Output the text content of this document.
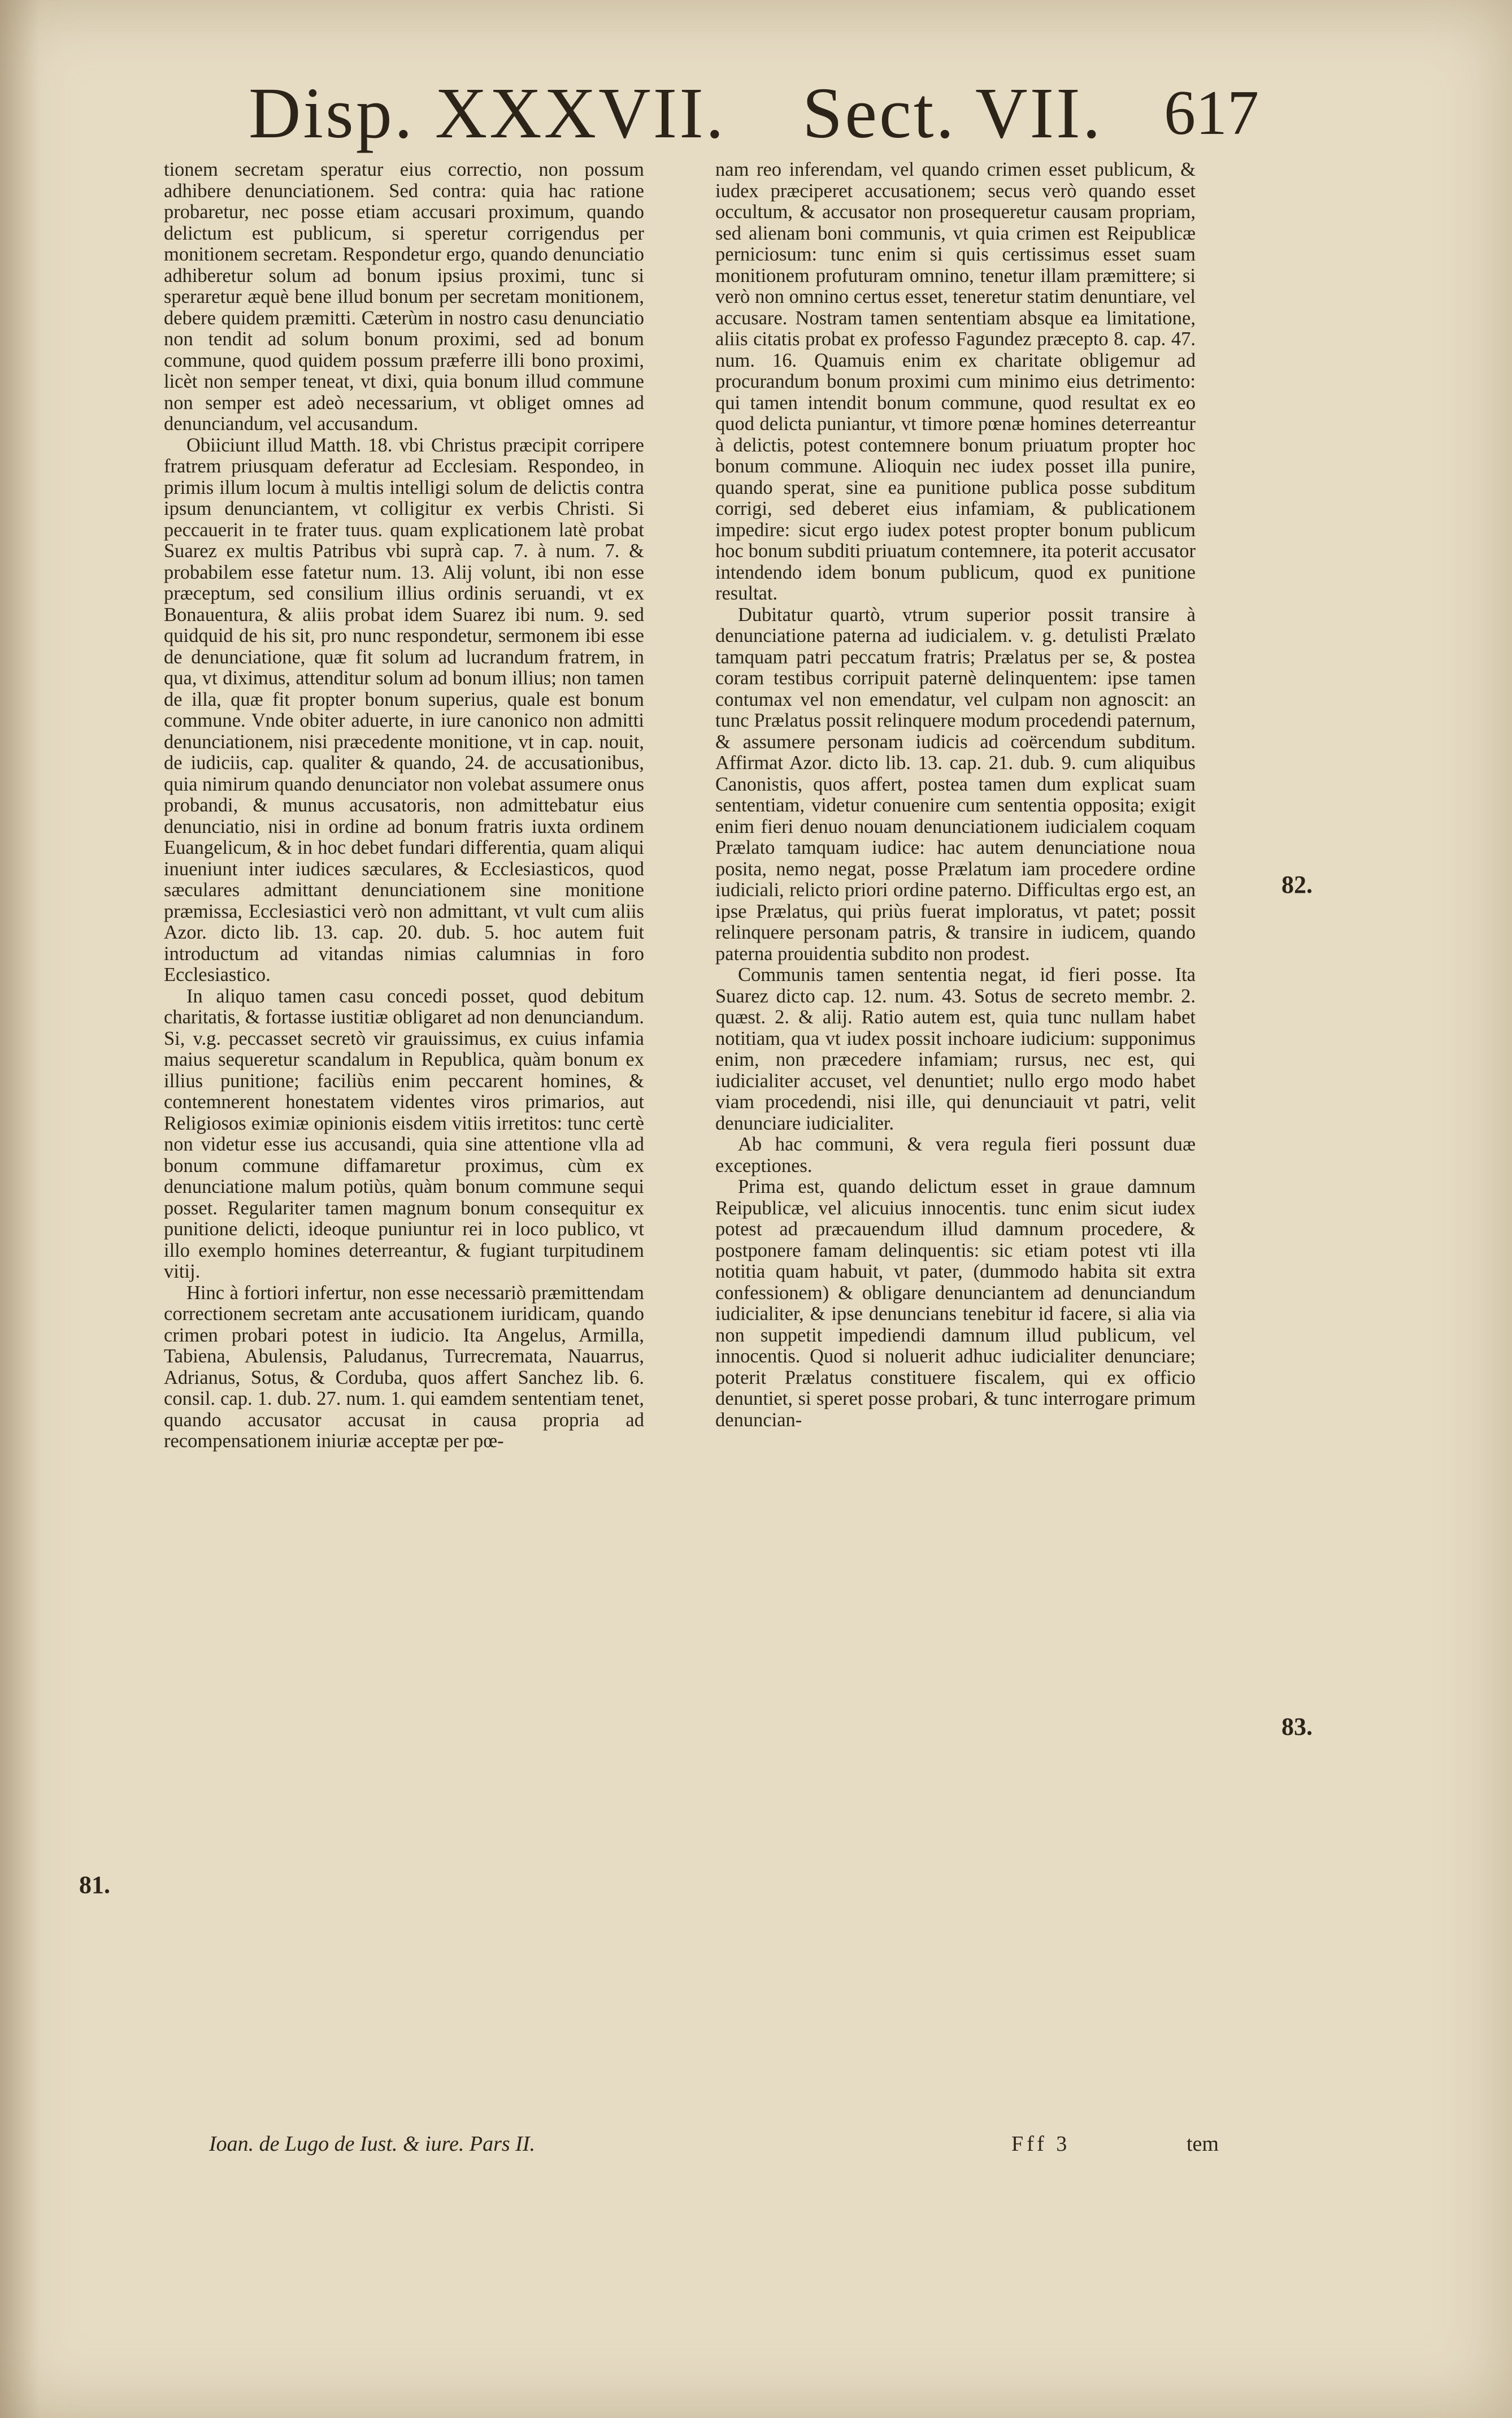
Disp. XXXVII. Sect. VII. 617

tionem secretam speratur eius correctio, non possum adhibere denunciationem. Sed contra: quia hac ratione probaretur, nec posse etiam accusari proximum, quando delictum est publicum, si speretur corrigendus per monitionem secretam. Respondetur ergo, quando denunciatio adhiberetur solum ad bonum ipsius proximi, tunc si speraretur æquè bene illud bonum per secretam monitionem, debere quidem præmitti. Cæterùm in nostro casu denunciatio non tendit ad solum bonum proximi, sed ad bonum commune, quod quidem possum præferre illi bono proximi, licèt non semper teneat, vt dixi, quia bonum illud commune non semper est adeò necessarium, vt obliget omnes ad denunciandum, vel accusandum.

Obiiciunt illud Matth. 18. vbi Christus præcipit corripere fratrem priusquam deferatur ad Ecclesiam. Respondeo, in primis illum locum à multis intelligi solum de delictis contra ipsum denunciantem, vt colligitur ex verbis Christi. Si peccauerit in te frater tuus. quam explicationem latè probat Suarez ex multis Patribus vbi suprà cap. 7. à num. 7. & probabilem esse fatetur num. 13. Alij volunt, ibi non esse præceptum, sed consilium illius ordinis seruandi, vt ex Bonauentura, & aliis probat idem Suarez ibi num. 9. sed quidquid de his sit, pro nunc respondetur, sermonem ibi esse de denunciatione, quæ fit solum ad lucrandum fratrem, in qua, vt diximus, attenditur solum ad bonum illius; non tamen de illa, quæ fit propter bonum superius, quale est bonum commune. Vnde obiter aduerte, in iure canonico non admitti denunciationem, nisi præcedente monitione, vt in cap. nouit, de iudiciis, cap. qualiter & quando, 24. de accusationibus, quia nimirum quando denunciator non volebat assumere onus probandi, & munus accusatoris, non admittebatur eius denunciatio, nisi in ordine ad bonum fratris iuxta ordinem Euangelicum, & in hoc debet fundari differentia, quam aliqui inueniunt inter iudices sæculares, & Ecclesiasticos, quod sæculares admittant denunciationem sine monitione præmissa, Ecclesiastici verò non admittant, vt vult cum aliis Azor. dicto lib. 13. cap. 20. dub. 5. hoc autem fuit introductum ad vitandas nimias calumnias in foro Ecclesiastico.

In aliquo tamen casu concedi posset, quod debitum charitatis, & fortasse iustitiæ obligaret ad non denunciandum. Si, v.g. peccasset secretò vir grauissimus, ex cuius infamia maius sequeretur scandalum in Republica, quàm bonum ex illius punitione; faciliùs enim peccarent homines, & contemnerent honestatem videntes viros primarios, aut Religiosos eximiæ opinionis eisdem vitiis irretitos: tunc certè non videtur esse ius accusandi, quia sine attentione vlla ad bonum commune diffamaretur proximus, cùm ex denunciatione malum potiùs, quàm bonum commune sequi posset. Regulariter tamen magnum bonum consequitur ex punitione delicti, ideoque puniuntur rei in loco publico, vt illo exemplo homines deterreantur, & fugiant turpitudinem vitij.

Hinc à fortiori infertur, non esse necessariò præmittendam correctionem secretam ante accusationem iuridicam, quando crimen probari potest in iudicio. Ita Angelus, Armilla, Tabiena, Abulensis, Paludanus, Turrecremata, Nauarrus, Adrianus, Sotus, & Corduba, quos affert Sanchez lib. 6. consil. cap. 1. dub. 27. num. 1. qui eamdem sententiam tenet, quando accusator accusat in causa propria ad recompensationem iniuriæ acceptæ per pœ-

nam reo inferendam, vel quando crimen esset publicum, & iudex præciperet accusationem; secus verò quando esset occultum, & accusator non prosequeretur causam propriam, sed alienam boni communis, vt quia crimen est Reipublicæ perniciosum: tunc enim si quis certissimus esset suam monitionem profuturam omnino, tenetur illam præmittere; si verò non omnino certus esset, teneretur statim denuntiare, vel accusare. Nostram tamen sententiam absque ea limitatione, aliis citatis probat ex professo Fagundez præcepto 8. cap. 47. num. 16. Quamuis enim ex charitate obligemur ad procurandum bonum proximi cum minimo eius detrimento: qui tamen intendit bonum commune, quod resultat ex eo quod delicta puniantur, vt timore pœnæ homines deterreantur à delictis, potest contemnere bonum priuatum propter hoc bonum commune. Alioquin nec iudex posset illa punire, quando sperat, sine ea punitione publica posse subditum corrigi, sed deberet eius infamiam, & publicationem impedire: sicut ergo iudex potest propter bonum publicum hoc bonum subditi priuatum contemnere, ita poterit accusator intendendo idem bonum publicum, quod ex punitione resultat.

Dubitatur quartò, vtrum superior possit transire à denunciatione paterna ad iudicialem. v. g. detulisti Prælato tamquam patri peccatum fratris; Prælatus per se, & postea coram testibus corripuit paternè delinquentem: ipse tamen contumax vel non emendatur, vel culpam non agnoscit: an tunc Prælatus possit relinquere modum procedendi paternum, & assumere personam iudicis ad coërcendum subditum. Affirmat Azor. dicto lib. 13. cap. 21. dub. 9. cum aliquibus Canonistis, quos affert, postea tamen dum explicat suam sententiam, videtur conuenire cum sententia opposita; exigit enim fieri denuo nouam denunciationem iudicialem coquam Prælato tamquam iudice: hac autem denunciatione noua posita, nemo negat, posse Prælatum iam procedere ordine iudiciali, relicto priori ordine paterno. Difficultas ergo est, an ipse Prælatus, qui priùs fuerat imploratus, vt patet; possit relinquere personam patris, & transire in iudicem, quando paterna prouidentia subdito non prodest.

Communis tamen sententia negat, id fieri posse. Ita Suarez dicto cap. 12. num. 43. Sotus de secreto membr. 2. quæst. 2. & alij. Ratio autem est, quia tunc nullam habet notitiam, qua vt iudex possit inchoare iudicium: supponimus enim, non præcedere infamiam; rursus, nec est, qui iudicialiter accuset, vel denuntiet; nullo ergo modo habet viam procedendi, nisi ille, qui denunciauit vt patri, velit denunciare iudicialiter.

Ab hac communi, & vera regula fieri possunt duæ exceptiones.

Prima est, quando delictum esset in graue damnum Reipublicæ, vel alicuius innocentis. tunc enim sicut iudex potest ad præcauendum illud damnum procedere, & postponere famam delinquentis: sic etiam potest vti illa notitia quam habuit, vt pater, (dummodo habita sit extra confessionem) & obligare denunciantem ad denunciandum iudicialiter, & ipse denuncians tenebitur id facere, si alia via non suppetit impediendi damnum illud publicum, vel innocentis. Quod si noluerit adhuc iudicialiter denunciare; poterit Prælatus constituere fiscalem, qui ex officio denuntiet, si speret posse probari, & tunc interrogare primum denuncian-

81.
82.
83.
Ioan. de Lugo de Iust. & iure. Pars II.	Fff 3	tem
